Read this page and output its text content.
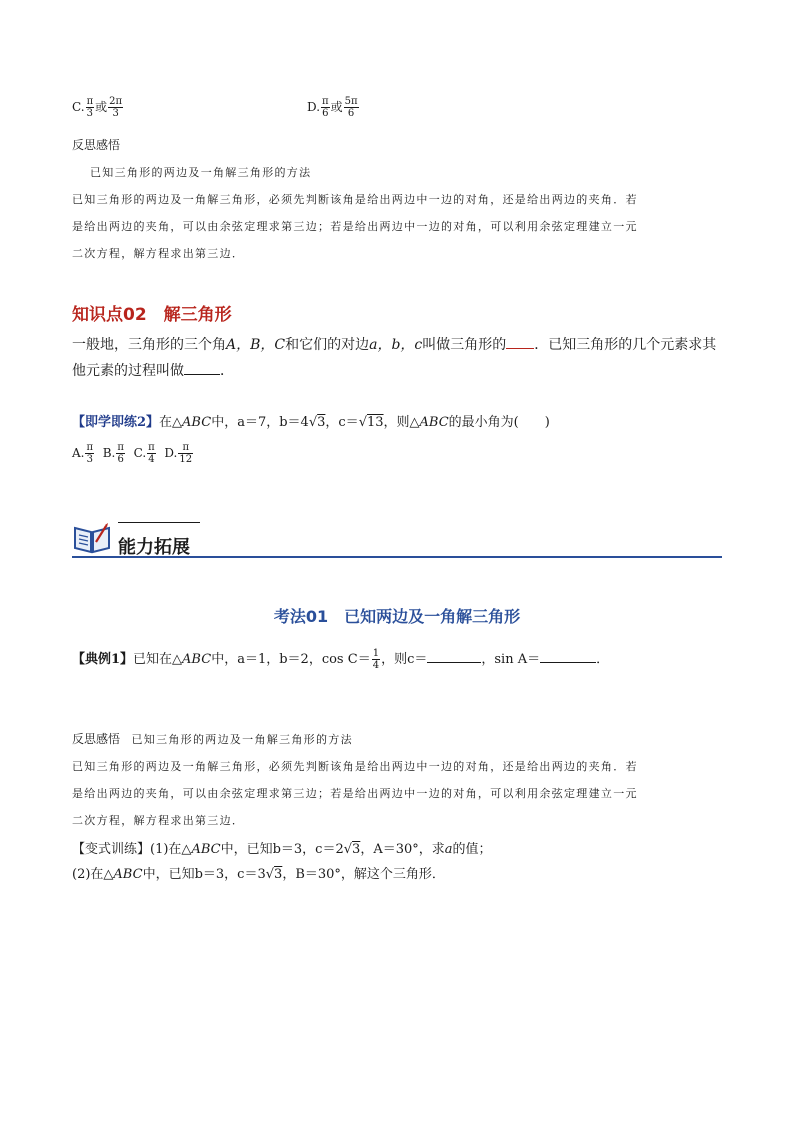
C. $\frac{\pi}{3}$ 或 $\frac{2\pi}{3}$	D. $\frac{\pi}{6}$ 或 $\frac{5\pi}{6}$
反思感悟
已知三角形的两边及一角解三角形的方法
已知三角形的两边及一角解三角形，必须先判断该角是给出两边中一边的对角，还是给出两边的夹角．若
是给出两边的夹角，可以由余弦定理求第三边；若是给出两边中一边的对角，可以利用余弦定理建立一元
二次方程，解方程求出第三边．
知识点02　解三角形
一般地，三角形的三个角A，B，C和它们的对边a，b，c叫做三角形的 ．已知三角形的几个元素求其
他元素的过程叫做	．
【即学即练2】在△ABC中，a＝7，b＝4√3，c＝√13，则△ABC的最小角为(　　)
A. $\frac{\pi}{3} B$. $\frac{\pi}{6} C$. $\frac{\pi}{4} D$. $\frac{\pi}{12}$
能力拓展
考法01　已知两边及一角解三角形
【典例1】已知在△ABC中，a＝1，b＝2，$\cos C= \frac{1}{4}$ ，则c＝	，sin A＝	．
反思感悟 已知三角形的两边及一角解三角形的方法
已知三角形的两边及一角解三角形，必须先判断该角是给出两边中一边的对角，还是给出两边的夹角．若
是给出两边的夹角，可以由余弦定理求第三边；若是给出两边中一边的对角，可以利用余弦定理建立一元
二次方程，解方程求出第三边．
【变式训练】(1)在△ABC中，已知b＝3，c＝2√3，A＝30°，求a的值；
(2)在△ABC中，已知b＝3，c＝3√3，B＝30°，解这个三角形．
